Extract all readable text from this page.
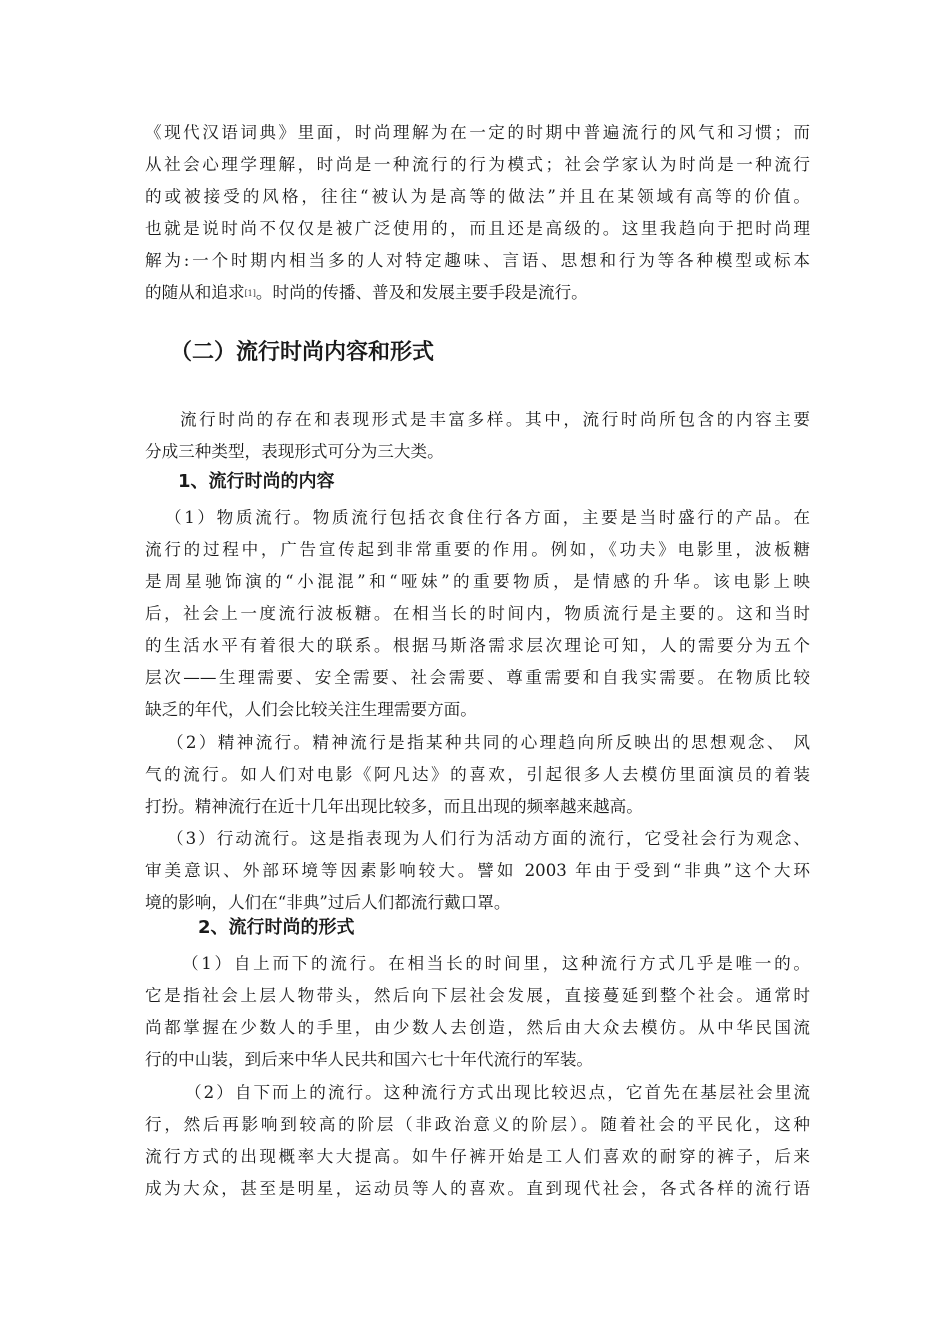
《现代汉语词典》里面，时尚理解为在一定的时期中普遍流行的风气和习惯；而
从社会心理学理解，时尚是一种流行的行为模式；社会学家认为时尚是一种流行
的或被接受的风格，往往“被认为是高等的做法”并且在某领域有高等的价值。
也就是说时尚不仅仅是被广泛使用的，而且还是高级的。这里我趋向于把时尚理
解为:一个时期内相当多的人对特定趣味、言语、思想和行为等各种模型或标本
的随从和追求[1]。时尚的传播、普及和发展主要手段是流行。
（二）流行时尚内容和形式
流行时尚的存在和表现形式是丰富多样。其中，流行时尚所包含的内容主要
分成三种类型，表现形式可分为三大类。
1、流行时尚的内容
（1）物质流行。物质流行包括衣食住行各方面，主要是当时盛行的产品。在
流行的过程中，广告宣传起到非常重要的作用。例如，《功夫》电影里，波板糖
是周星驰饰演的“小混混”和“哑妹”的重要物质，是情感的升华。该电影上映
后，社会上一度流行波板糖。在相当长的时间内，物质流行是主要的。这和当时
的生活水平有着很大的联系。根据马斯洛需求层次理论可知，人的需要分为五个
层次——生理需要、安全需要、社会需要、尊重需要和自我实需要。在物质比较
缺乏的年代，人们会比较关注生理需要方面。
（2）精神流行。精神流行是指某种共同的心理趋向所反映出的思想观念、 风
气的流行。如人们对电影《阿凡达》的喜欢，引起很多人去模仿里面演员的着装
打扮。精神流行在近十几年出现比较多，而且出现的频率越来越高。
（3）行动流行。这是指表现为人们行为活动方面的流行，它受社会行为观念、
审美意识、外部环境等因素影响较大。譬如 2003 年由于受到“非典”这个大环
境的影响，人们在“非典”过后人们都流行戴口罩。
2、流行时尚的形式
（1）自上而下的流行。在相当长的时间里，这种流行方式几乎是唯一的。
它是指社会上层人物带头，然后向下层社会发展，直接蔓延到整个社会。通常时
尚都掌握在少数人的手里，由少数人去创造，然后由大众去模仿。从中华民国流
行的中山装，到后来中华人民共和国六七十年代流行的军装。
（2）自下而上的流行。这种流行方式出现比较迟点，它首先在基层社会里流
行，然后再影响到较高的阶层（非政治意义的阶层）。随着社会的平民化，这种
流行方式的出现概率大大提高。如牛仔裤开始是工人们喜欢的耐穿的裤子，后来
成为大众，甚至是明星，运动员等人的喜欢。直到现代社会，各式各样的流行语
